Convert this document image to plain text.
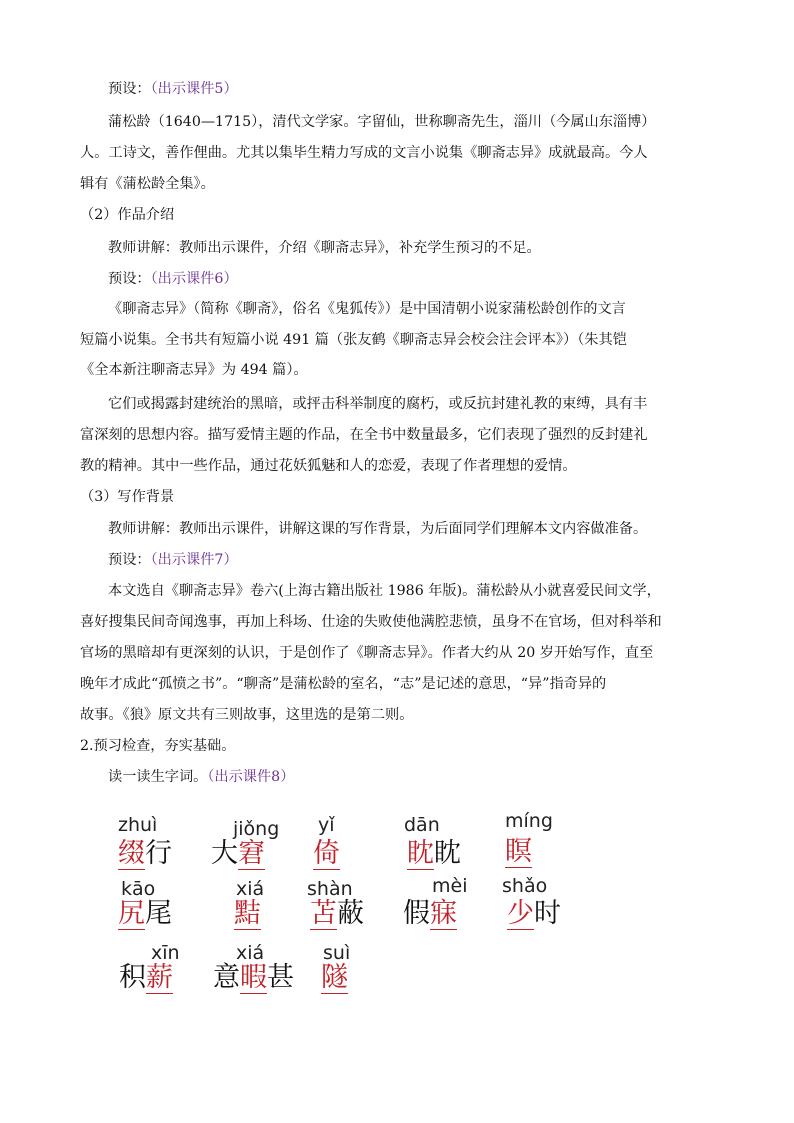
预设：（出示课件5）
蒲松龄（1640—1715），清代文学家。字留仙，世称聊斋先生，淄川（今属山东淄博）
人。工诗文，善作俚曲。尤其以集毕生精力写成的文言小说集《聊斋志异》成就最高。今人
辑有《蒲松龄全集》。
（2）作品介绍
教师讲解：教师出示课件，介绍《聊斋志异》，补充学生预习的不足。
预设：（出示课件6）
《聊斋志异》（简称《聊斋》，俗名《鬼狐传》）是中国清朝小说家蒲松龄创作的文言
短篇小说集。全书共有短篇小说 491 篇（张友鹤《聊斋志异会校会注会评本》）（朱其铠
《全本新注聊斋志异》为 494 篇）。
它们或揭露封建统治的黑暗，或抨击科举制度的腐朽，或反抗封建礼教的束缚，具有丰
富深刻的思想内容。描写爱情主题的作品，在全书中数量最多，它们表现了强烈的反封建礼
教的精神。其中一些作品，通过花妖狐魅和人的恋爱，表现了作者理想的爱情。
（3）写作背景
教师讲解：教师出示课件，讲解这课的写作背景，为后面同学们理解本文内容做准备。
预设：（出示课件7）
本文选自《聊斋志异》卷六(上海古籍出版社 1986 年版)。蒲松龄从小就喜爱民间文学，
喜好搜集民间奇闻逸事，再加上科场、仕途的失败使他满腔悲愤，虽身不在官场，但对科举和
官场的黑暗却有更深刻的认识，于是创作了《聊斋志异》。作者大约从 20 岁开始写作，直至
晚年才成此“孤愤之书”。“聊斋”是蒲松龄的室名，“志”是记述的意思，“异”指奇异的
故事。《狼》原文共有三则故事，这里选的是第二则。
2.预习检查，夯实基础。
读一读生字词。（出示课件8）
zhuì
缀行
jiǒng
大窘
yǐ
倚
dān
眈眈
míng
瞑
kāo
尻尾
xiá
黠
shàn
苫蔽
mèi
假寐
shǎo
少时
xīn
积薪
xiá
意暇甚
suì
隧
